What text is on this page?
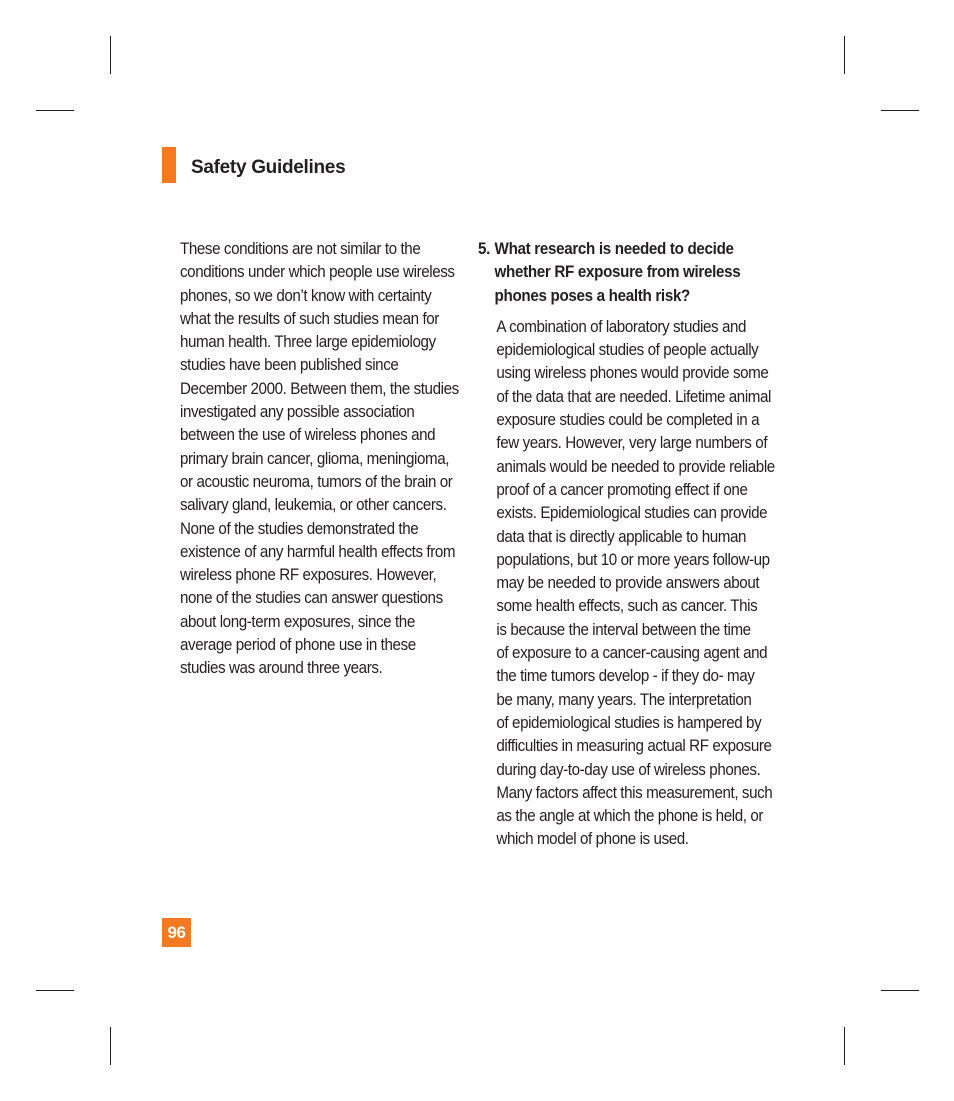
Safety Guidelines
These conditions are not similar to the
conditions under which people use wireless
phones, so we don’t know with certainty
what the results of such studies mean for
human health. Three large epidemiology
studies have been published since
December 2000. Between them, the studies
investigated any possible association
between the use of wireless phones and
primary brain cancer, glioma, meningioma,
or acoustic neuroma, tumors of the brain or
salivary gland, leukemia, or other cancers.
None of the studies demonstrated the
existence of any harmful health effects from
wireless phone RF exposures. However,
none of the studies can answer questions
about long-term exposures, since the
average period of phone use in these
studies was around three years.
5. What research is needed to decide
whether RF exposure from wireless
phones poses a health risk?
A combination of laboratory studies and
epidemiological studies of people actually
using wireless phones would provide some
of the data that are needed. Lifetime animal
exposure studies could be completed in a
few years. However, very large numbers of
animals would be needed to provide reliable
proof of a cancer promoting effect if one
exists. Epidemiological studies can provide
data that is directly applicable to human
populations, but 10 or more years follow-up
may be needed to provide answers about
some health effects, such as cancer. This
is because the interval between the time
of exposure to a cancer-causing agent and
the time tumors develop - if they do- may
be many, many years. The interpretation
of epidemiological studies is hampered by
difficulties in measuring actual RF exposure
during day-to-day use of wireless phones.
Many factors affect this measurement, such
as the angle at which the phone is held, or
which model of phone is used.
96
